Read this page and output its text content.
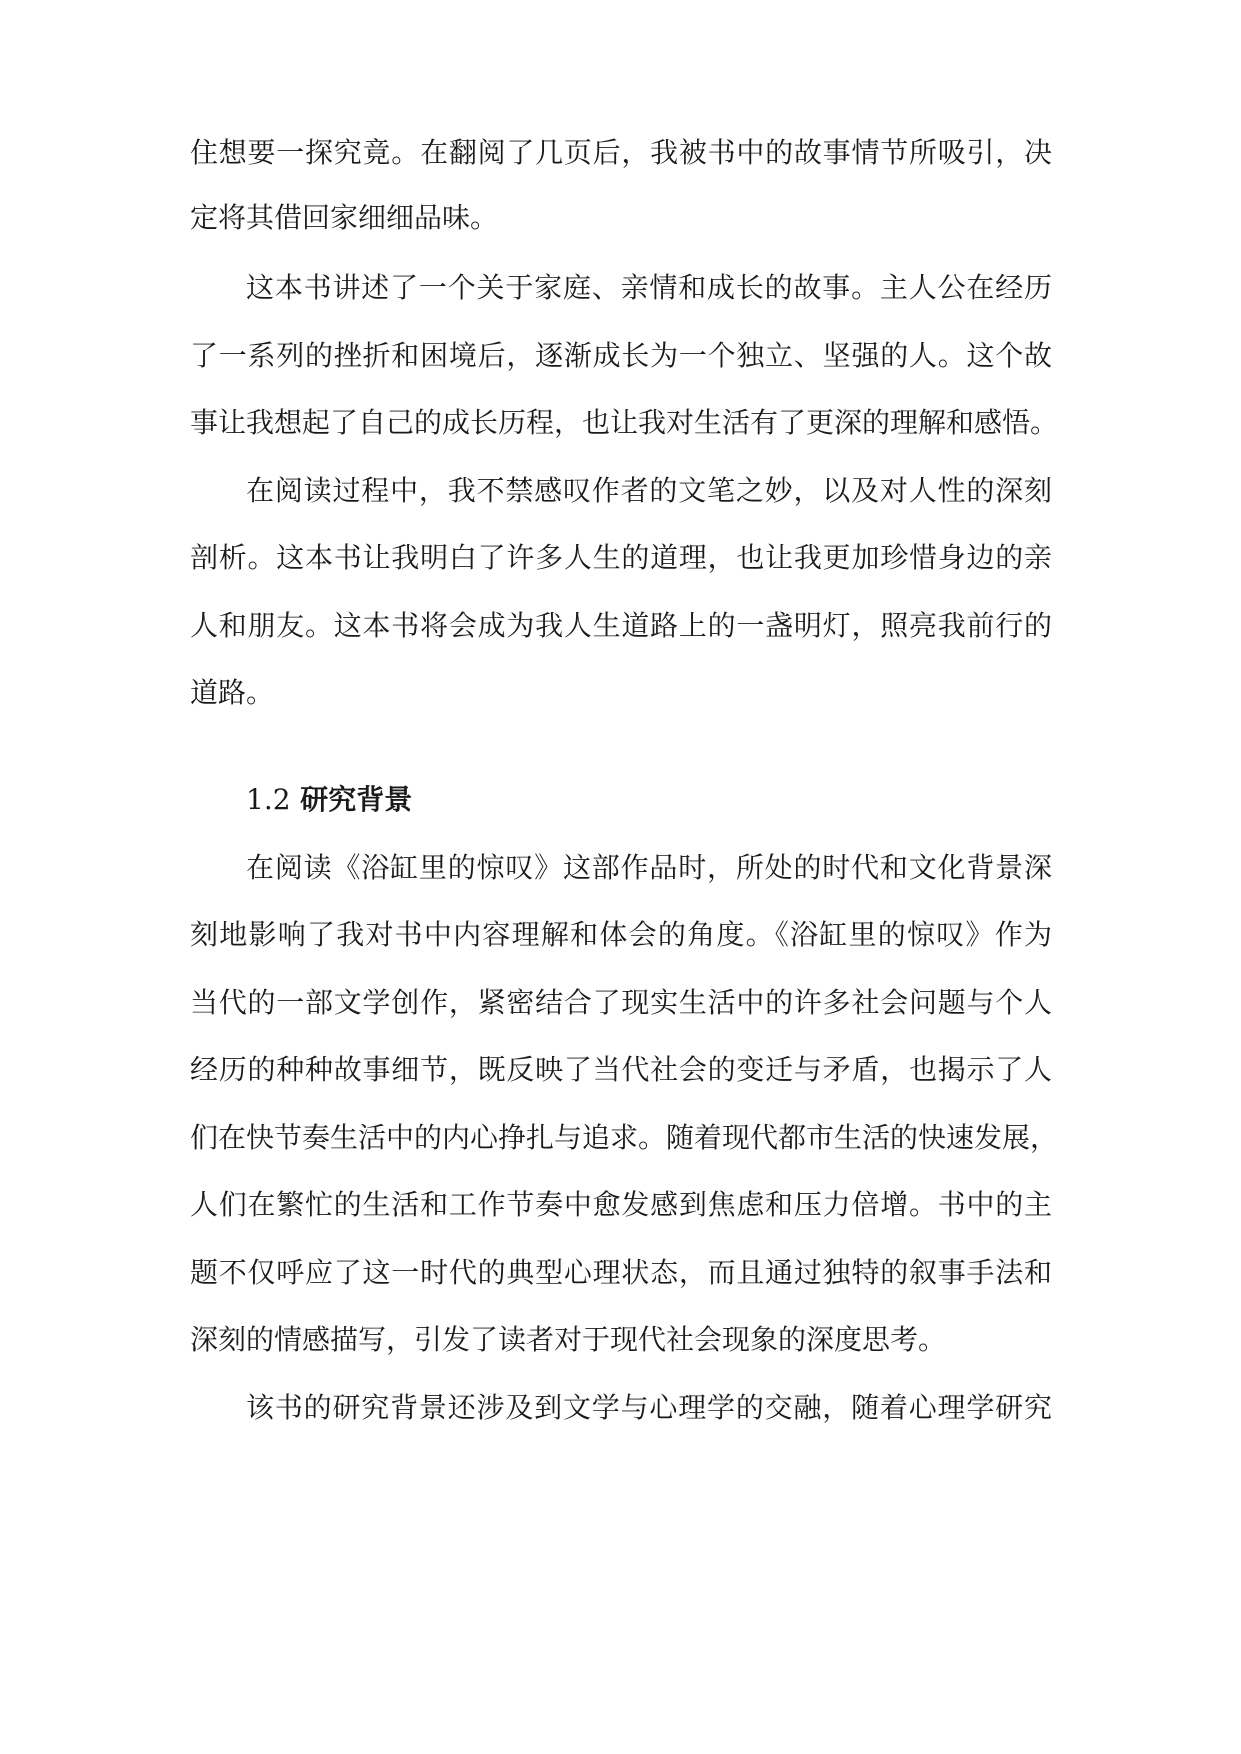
住想要一探究竟。在翻阅了几页后，我被书中的故事情节所吸引，决
定将其借回家细细品味。
这本书讲述了一个关于家庭、亲情和成长的故事。主人公在经历
了一系列的挫折和困境后，逐渐成长为一个独立、坚强的人。这个故
事让我想起了自己的成长历程，也让我对生活有了更深的理解和感悟。
在阅读过程中，我不禁感叹作者的文笔之妙，以及对人性的深刻
剖析。这本书让我明白了许多人生的道理，也让我更加珍惜身边的亲
人和朋友。这本书将会成为我人生道路上的一盏明灯，照亮我前行的
道路。
1.2 研究背景
在阅读《浴缸里的惊叹》这部作品时，所处的时代和文化背景深
刻地影响了我对书中内容理解和体会的角度。《浴缸里的惊叹》作为
当代的一部文学创作，紧密结合了现实生活中的许多社会问题与个人
经历的种种故事细节，既反映了当代社会的变迁与矛盾，也揭示了人
们在快节奏生活中的内心挣扎与追求。随着现代都市生活的快速发展，
人们在繁忙的生活和工作节奏中愈发感到焦虑和压力倍增。书中的主
题不仅呼应了这一时代的典型心理状态，而且通过独特的叙事手法和
深刻的情感描写，引发了读者对于现代社会现象的深度思考。
该书的研究背景还涉及到文学与心理学的交融，随着心理学研究
